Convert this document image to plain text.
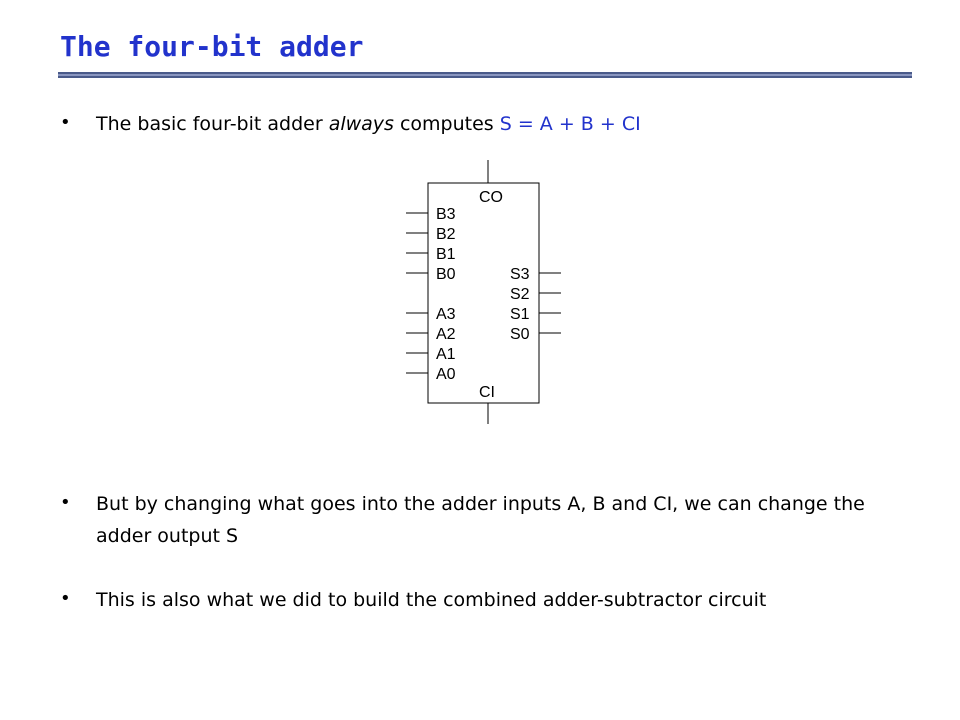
The four-bit adder
• The basic four-bit adder always computes S = A + B + CI
CO
CI
B3
B2
B1
B0
A3
A2
A1
A0
S3
S2
S1
S0
• But by changing what goes into the adder inputs A, B and CI, we can change the adder output S
• This is also what we did to build the combined adder-subtractor circuit
